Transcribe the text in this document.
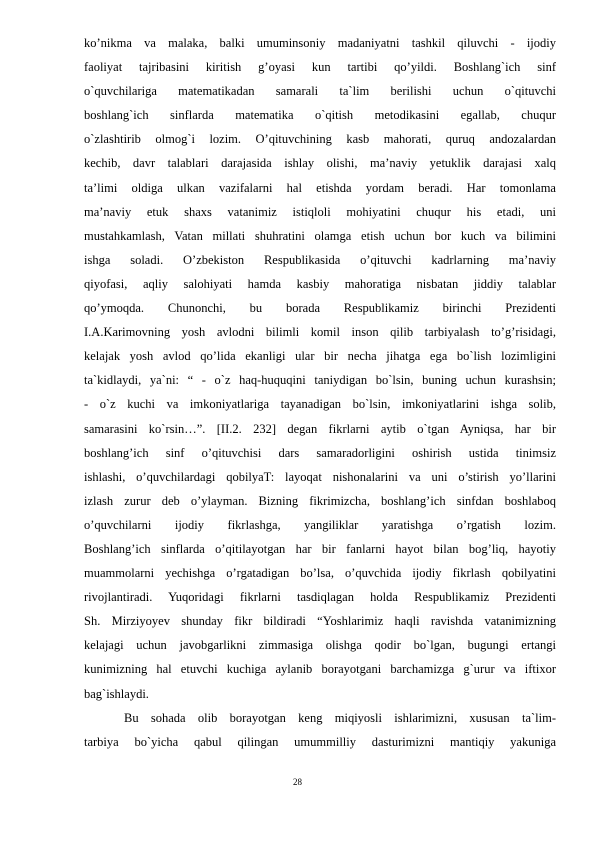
ko’nikma va malaka, balki umuminsoniy madaniyatni tashkil qiluvchi - ijodiy
faoliyat tajribasini kiritish g’oyasi kun tartibi qo’yildi. Boshlang`ich sinf
o`quvchilariga matematikadan samarali ta`lim berilishi uchun o`qituvchi
boshlang`ich sinflarda matematika o`qitish metodikasini egallab, chuqur
o`zlashtirib olmog`i lozim. O’qituvchining kasb mahorati, quruq andozalardan
kechib, davr talablari darajasida ishlay olishi, ma’naviy yetuklik darajasi xalq
ta’limi oldiga ulkan vazifalarni hal etishda yordam beradi. Har tomonlama
ma’naviy etuk shaxs vatanimiz istiqloli mohiyatini chuqur his etadi, uni
mustahkamlash, Vatan millati shuhratini olamga etish uchun bor kuch va bilimini
ishga soladi. O’zbekiston Respublikasida o’qituvchi kadrlarning ma’naviy
qiyofasi, aqliy salohiyati hamda kasbiy mahoratiga nisbatan jiddiy talablar
qo’ymoqda. Chunonchi, bu borada Respublikamiz birinchi Prezidenti
I.A.Karimovning yosh avlodni bilimli komil inson qilib tarbiyalash to’g’risidagi,
kelajak yosh avlod qo’lida ekanligi ular bir necha jihatga ega bo`lish lozimligini
ta`kidlaydi, ya`ni: “ - o`z haq-huquqini taniydigan bo`lsin, buning uchun kurashsin;
- o`z kuchi va imkoniyatlariga tayanadigan bo`lsin, imkoniyatlarini ishga solib,
samarasini ko`rsin…”. [II.2. 232] degan fikrlarni aytib o`tgan Ayniqsa, har bir
boshlang’ich sinf o’qituvchisi dars samaradorligini oshirish ustida tinimsiz
ishlashi, o’quvchilardagi qobilyaT: layoqat nishonalarini va uni o’stirish yo’llarini
izlash zurur deb o’ylayman. Bizning fikrimizcha, boshlang’ich sinfdan boshlaboq
o’quvchilarni ijodiy fikrlashga, yangiliklar yaratishga o’rgatish lozim.
Boshlang’ich sinflarda o’qitilayotgan har bir fanlarni hayot bilan bog’liq, hayotiy
muammolarni yechishga o’rgatadigan bo’lsa, o’quvchida ijodiy fikrlash qobilyatini
rivojlantiradi. Yuqoridagi fikrlarni tasdiqlagan holda Respublikamiz Prezidenti
Sh. Mirziyoyev shunday fikr bildiradi “Yoshlarimiz haqli ravishda vatanimizning
kelajagi uchun javobgarlikni zimmasiga olishga qodir bo`lgan, bugungi ertangi
kunimizning hal etuvchi kuchiga aylanib borayotgani barchamizga g`urur va iftixor
bag`ishlaydi.
Bu sohada olib borayotgan keng miqiyosli ishlarimizni, xususan ta`lim-
tarbiya bo`yicha qabul qilingan umummilliy dasturimizni mantiqiy yakuniga
28
